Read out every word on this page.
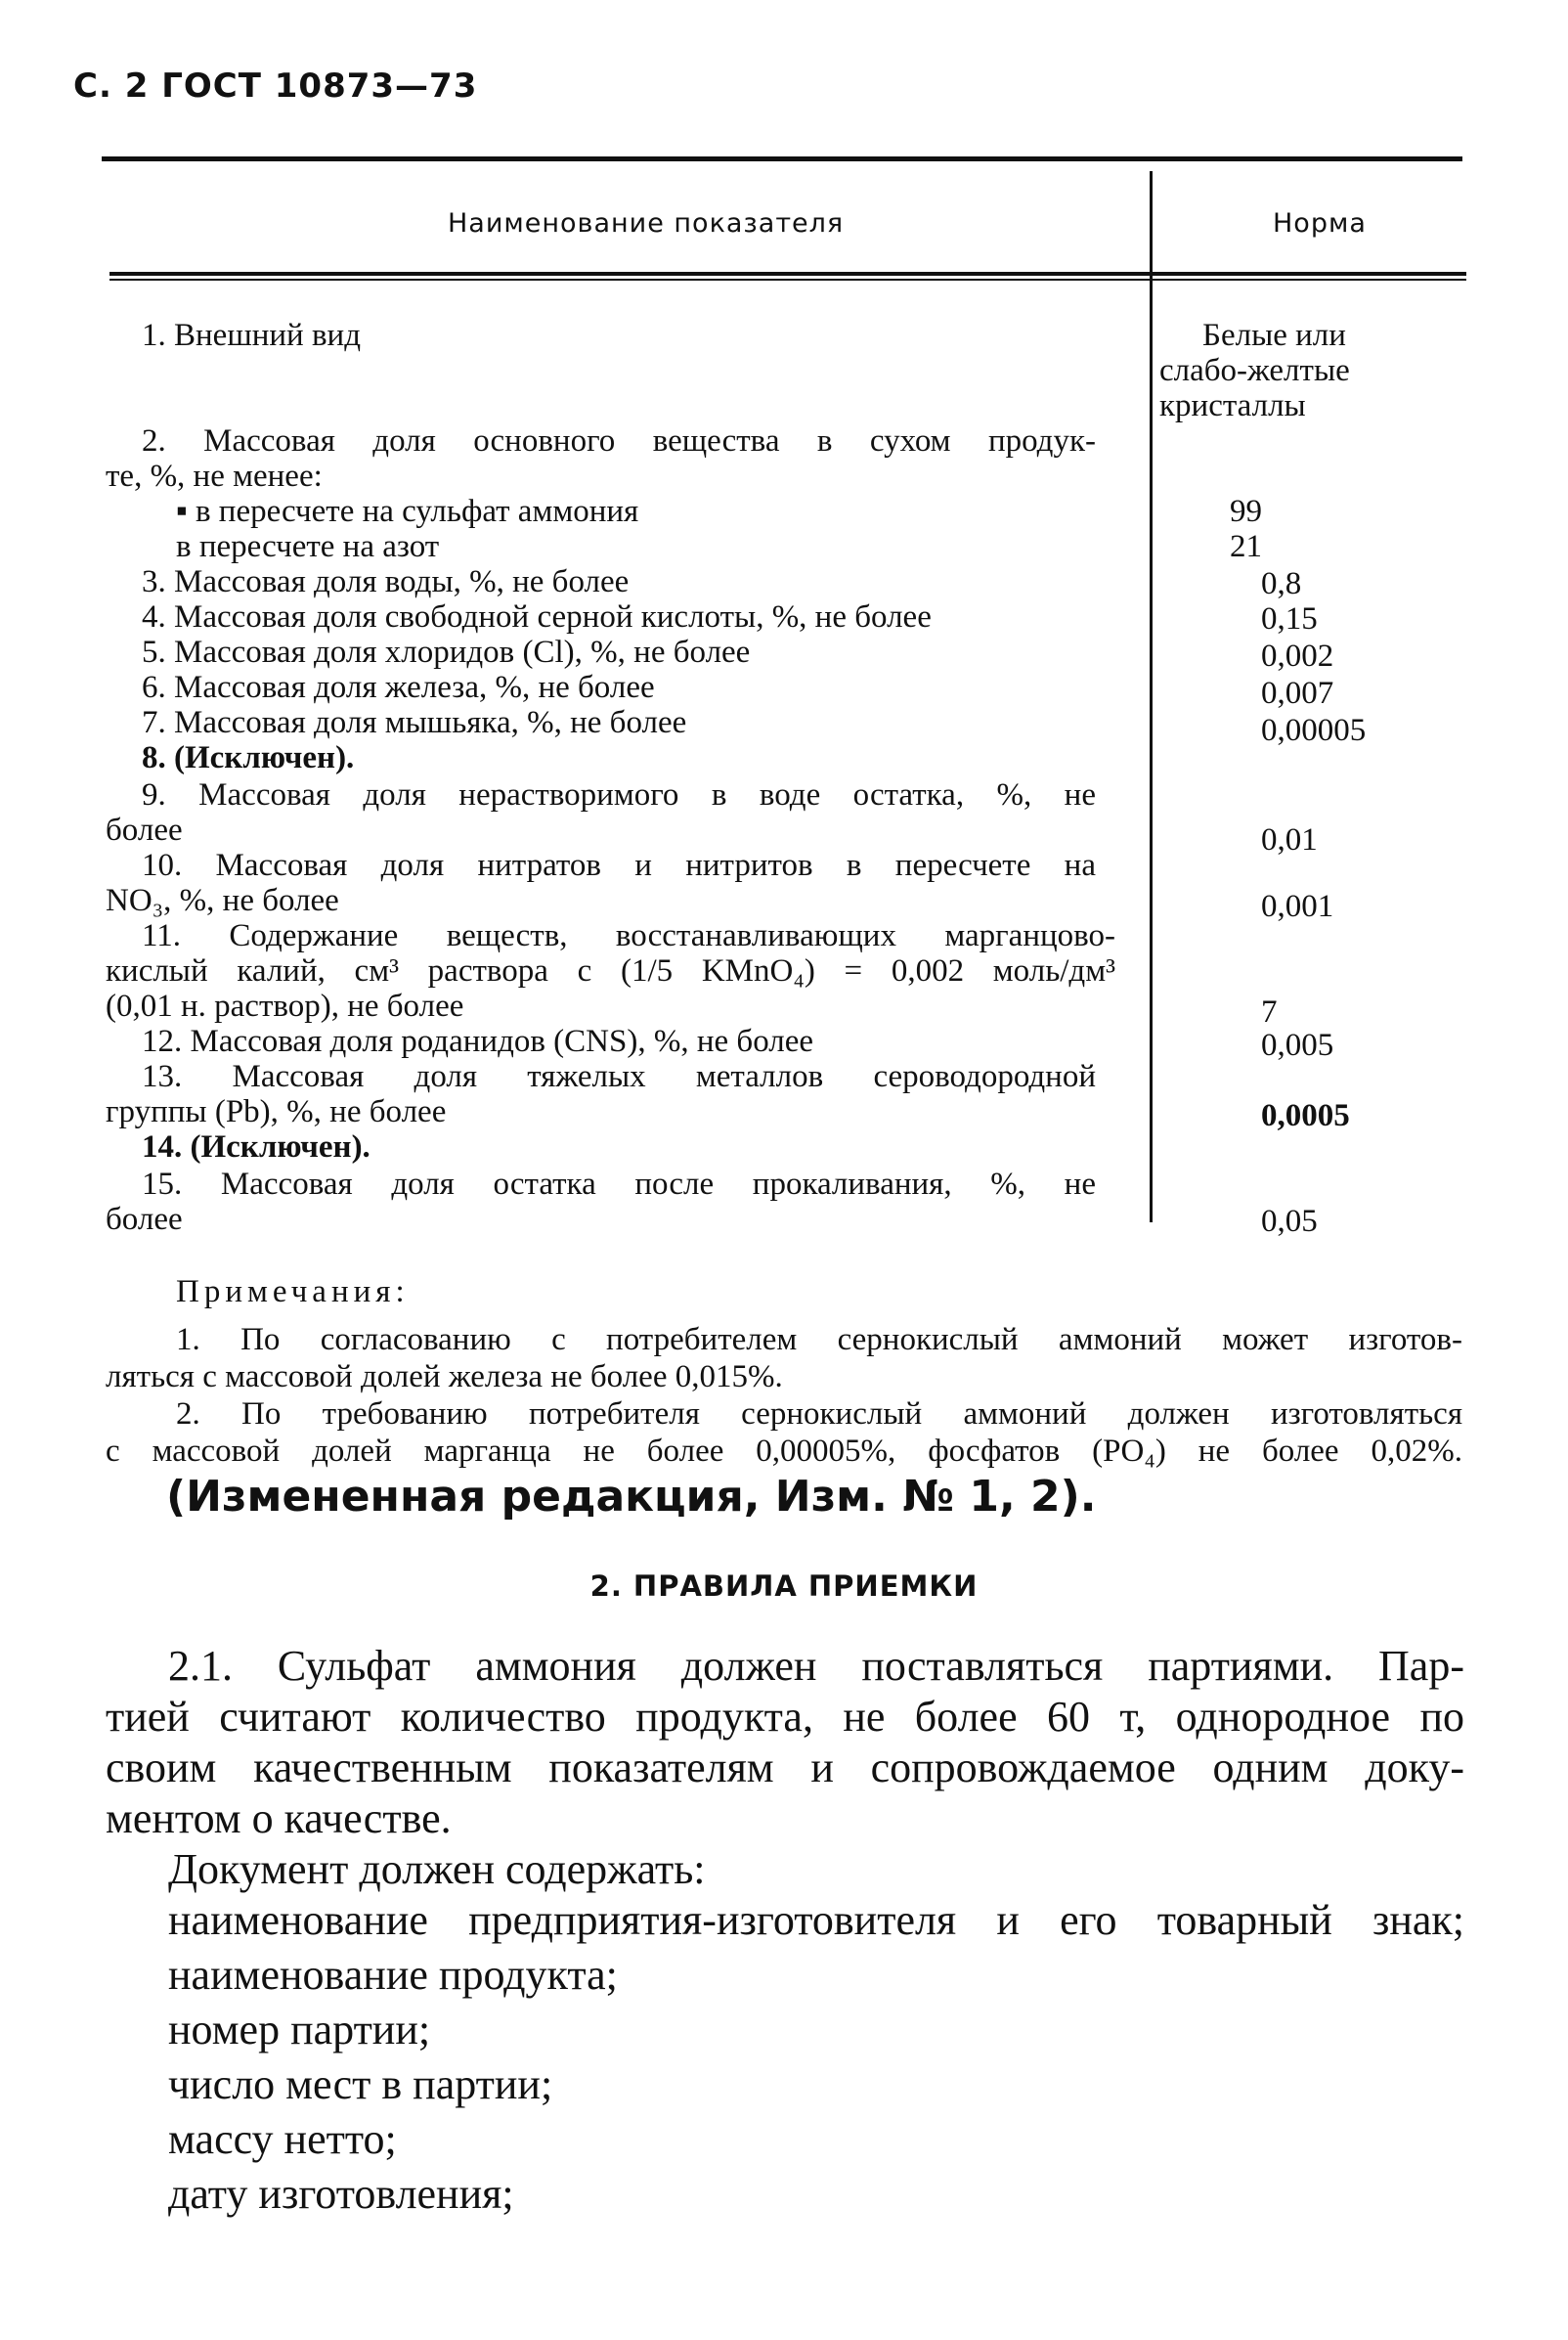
С. 2 ГОСТ 10873—73
Наименование показателя	Норма
1. Внешний вид	Белые или
слабо-желтые
кристаллы
2. Массовая доля основного вещества в сухом продук-
те, %, не менее:
▪ в пересчете на сульфат аммония	99
в пересчете на азот	21
3. Массовая доля воды, %, не более	0,8
4. Массовая доля свободной серной кислоты, %, не более	0,15
5. Массовая доля хлоридов (Cl), %, не более	0,002
6. Массовая доля железа, %, не более	0,007
7. Массовая доля мышьяка, %, не более	0,00005
8. (Исключен).
9. Массовая доля нерастворимого в воде остатка, %, не
более	0,01
10. Массовая доля нитратов и нитритов в пересчете на
NO₃, %, не более	0,001
11. Содержание веществ, восстанавливающих марганцово-
кислый калий, см³ раствора c (1/5 KMnO₄) = 0,002 моль/дм³
(0,01 н. раствор), не более	7
12. Массовая доля роданидов (CNS), %, не более	0,005
13. Массовая доля тяжелых металлов сероводородной
группы (Pb), %, не более	0,0005
14. (Исключен).
15. Массовая доля остатка после прокаливания, %, не
более	0,05
Примечания:
1. По согласованию с потребителем сернокислый аммоний может изготов-
ляться с массовой долей железа не более 0,015%.
2. По требованию потребителя сернокислый аммоний должен изготовляться
с массовой долей марганца не более 0,00005%, фосфатов (PO₄) не более 0,02%.
(Измененная редакция, Изм. № 1, 2).
2. ПРАВИЛА ПРИЕМКИ
2.1. Сульфат аммония должен поставляться партиями. Пар-
тией считают количество продукта, не более 60 т, однородное по
своим качественным показателям и сопровождаемое одним доку-
ментом о качестве.
Документ должен содержать:
наименование предприятия-изготовителя и его товарный знак;
наименование продукта;
номер партии;
число мест в партии;
массу нетто;
дату изготовления;
